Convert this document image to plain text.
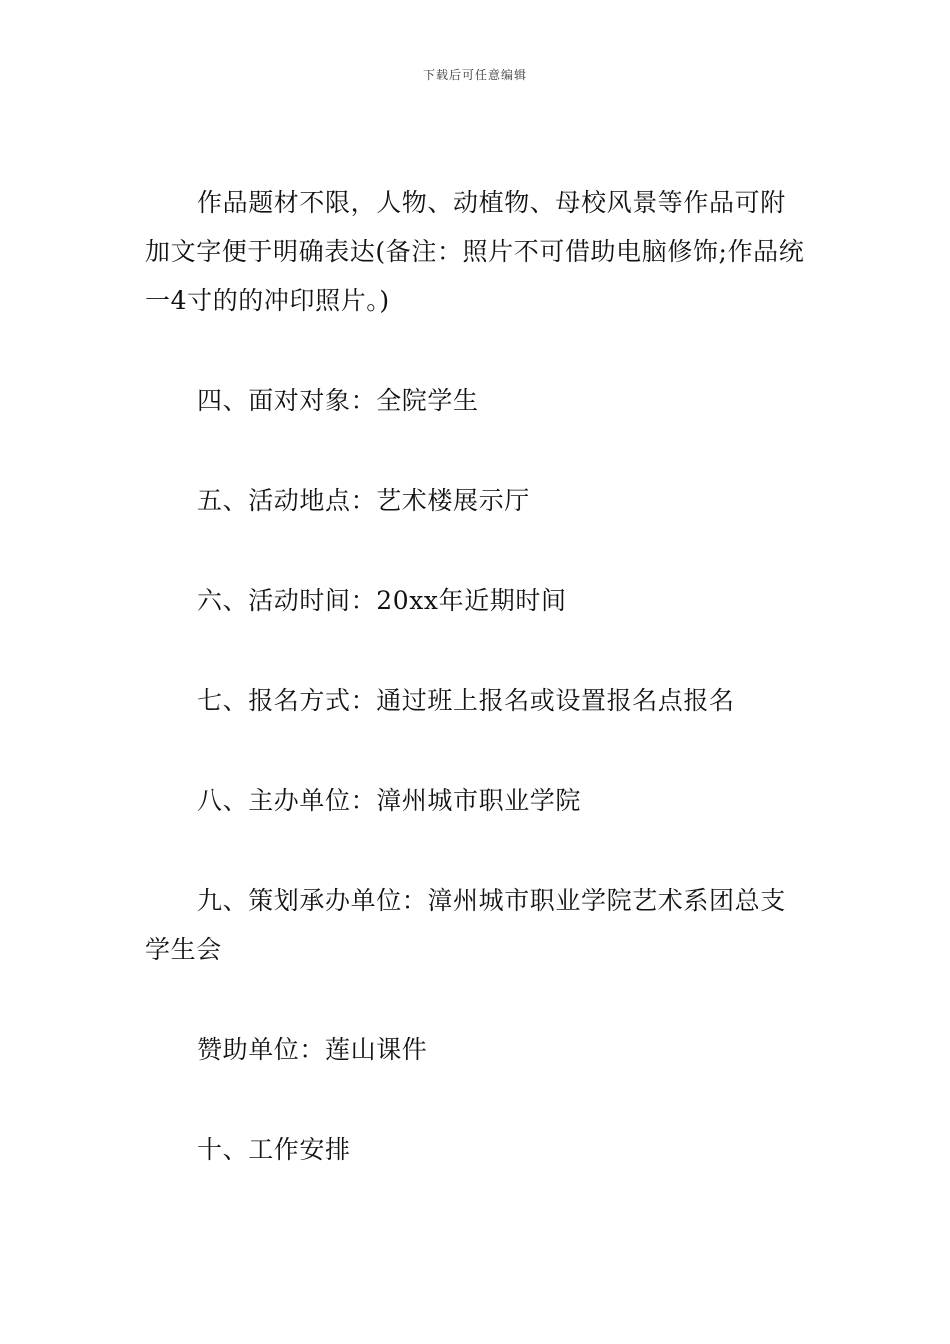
下载后可任意编辑

作品题材不限，人物、动植物、母校风景等作品可附加文字便于明确表达(备注：照片不可借助电脑修饰;作品统一4寸的的冲印照片。)

四、面对对象：全院学生

五、活动地点：艺术楼展示厅

六、活动时间：20xx年近期时间

七、报名方式：通过班上报名或设置报名点报名

八、主办单位：漳州城市职业学院

九、策划承办单位：漳州城市职业学院艺术系团总支学生会

赞助单位：莲山课件

十、工作安排
